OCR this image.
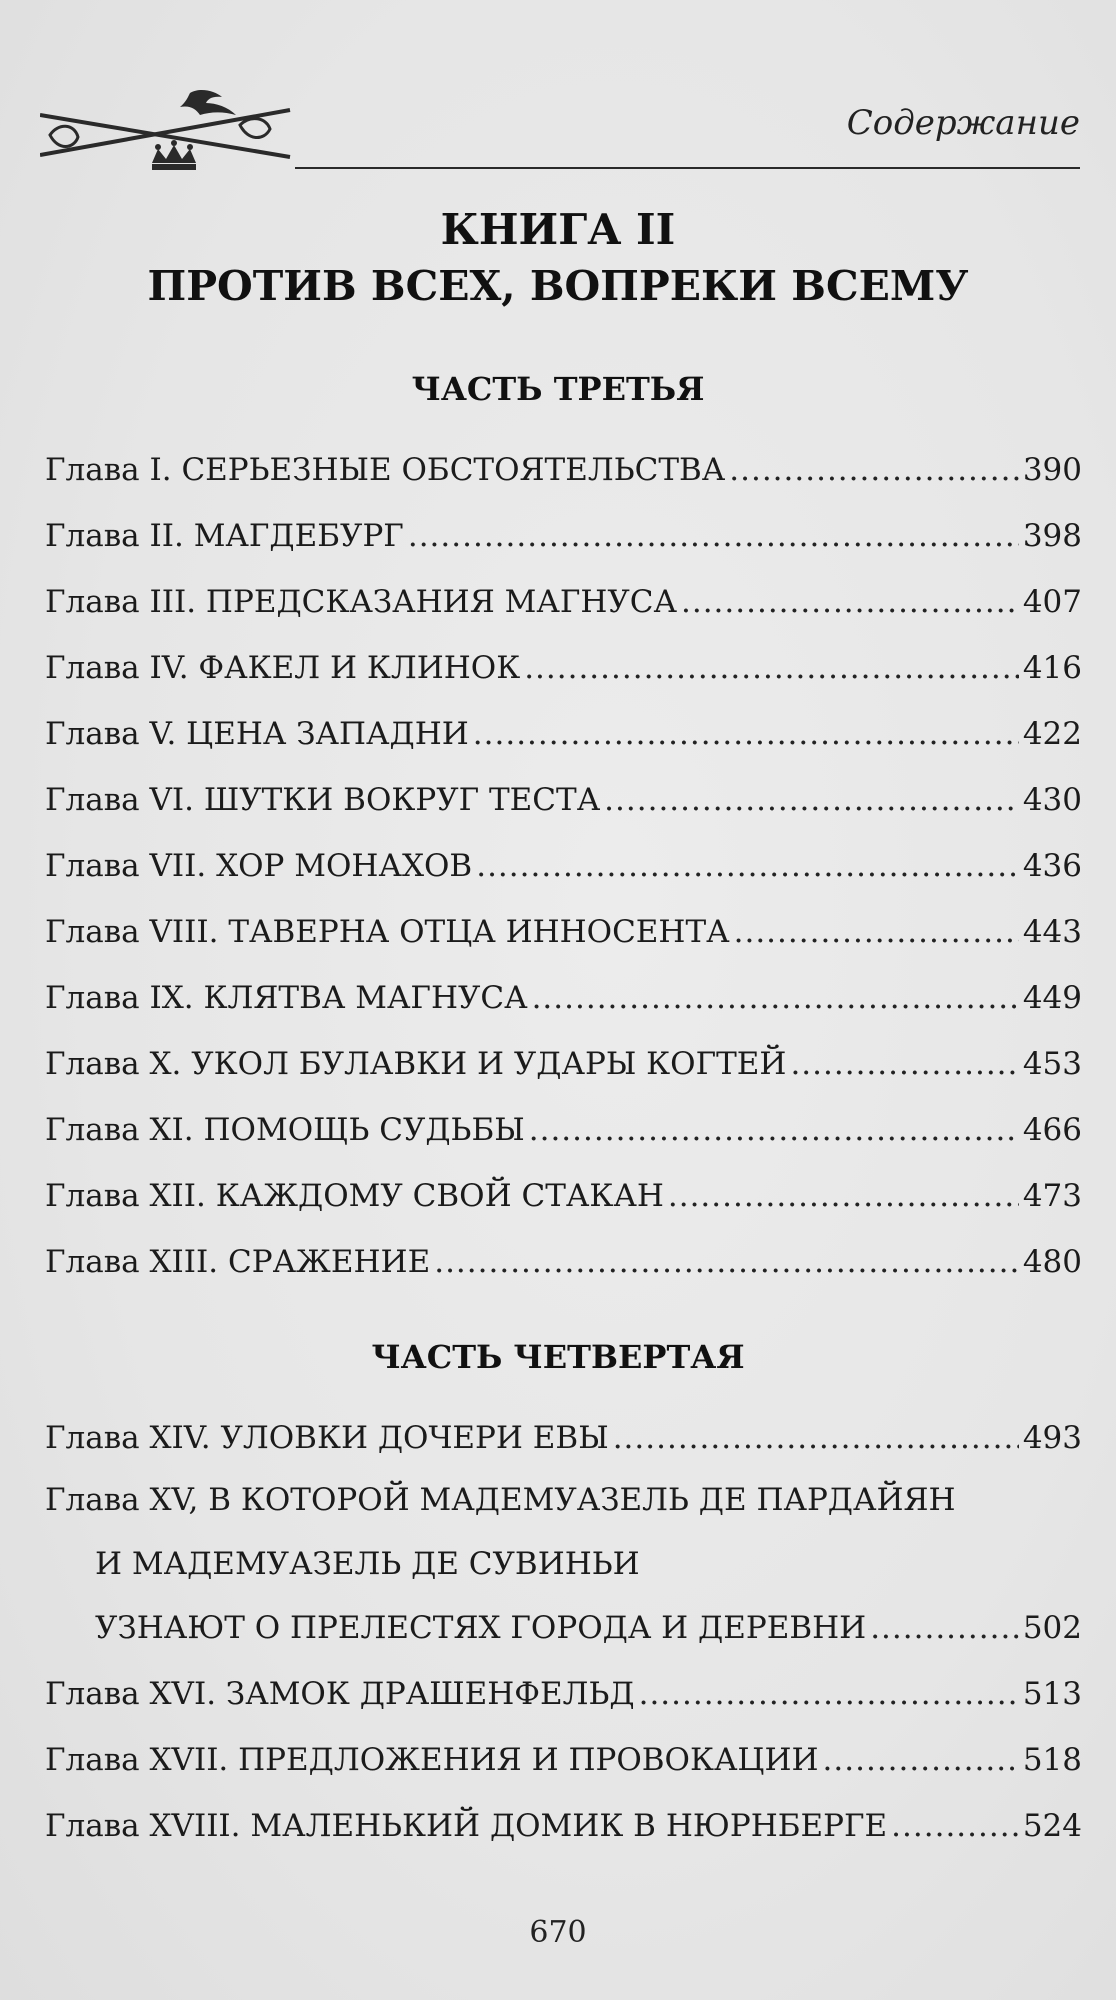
Содержание
КНИГА II
ПРОТИВ ВСЕХ, ВОПРЕКИ ВСЕМУ
ЧАСТЬ ТРЕТЬЯ
Глава I. СЕРЬЕЗНЫЕ ОБСТОЯТЕЛЬСТВА .....	390
Глава II. МАГДЕБУРГ .....	398
Глава III. ПРЕДСКАЗАНИЯ МАГНУСА .....	407
Глава IV. ФАКЕЛ И КЛИНОК .....	416
Глава V. ЦЕНА ЗАПАДНИ .....	422
Глава VI. ШУТКИ ВОКРУГ ТЕСТА .....	430
Глава VII. ХОР МОНАХОВ .....	436
Глава VIII. ТАВЕРНА ОТЦА ИННОСЕНТА .....	443
Глава IX. КЛЯТВА МАГНУСА .....	449
Глава X. УКОЛ БУЛАВКИ И УДАРЫ КОГТЕЙ .....	453
Глава XI. ПОМОЩЬ СУДЬБЫ .....	466
Глава XII. КАЖДОМУ СВОЙ СТАКАН .....	473
Глава XIII. СРАЖЕНИЕ .....	480
ЧАСТЬ ЧЕТВЕРТАЯ
Глава XIV. УЛОВКИ ДОЧЕРИ ЕВЫ .....	493
Глава XV, В КОТОРОЙ МАДЕМУАЗЕЛЬ ДЕ ПАРДАЙЯН
И МАДЕМУАЗЕЛЬ ДЕ СУВИНЬИ
УЗНАЮТ О ПРЕЛЕСТЯХ ГОРОДА И ДЕРЕВНИ .....	502
Глава XVI. ЗАМОК ДРАШЕНФЕЛЬД .....	513
Глава XVII. ПРЕДЛОЖЕНИЯ И ПРОВОКАЦИИ .....	518
Глава XVIII. МАЛЕНЬКИЙ ДОМИК В НЮРНБЕРГЕ .....	524
670
